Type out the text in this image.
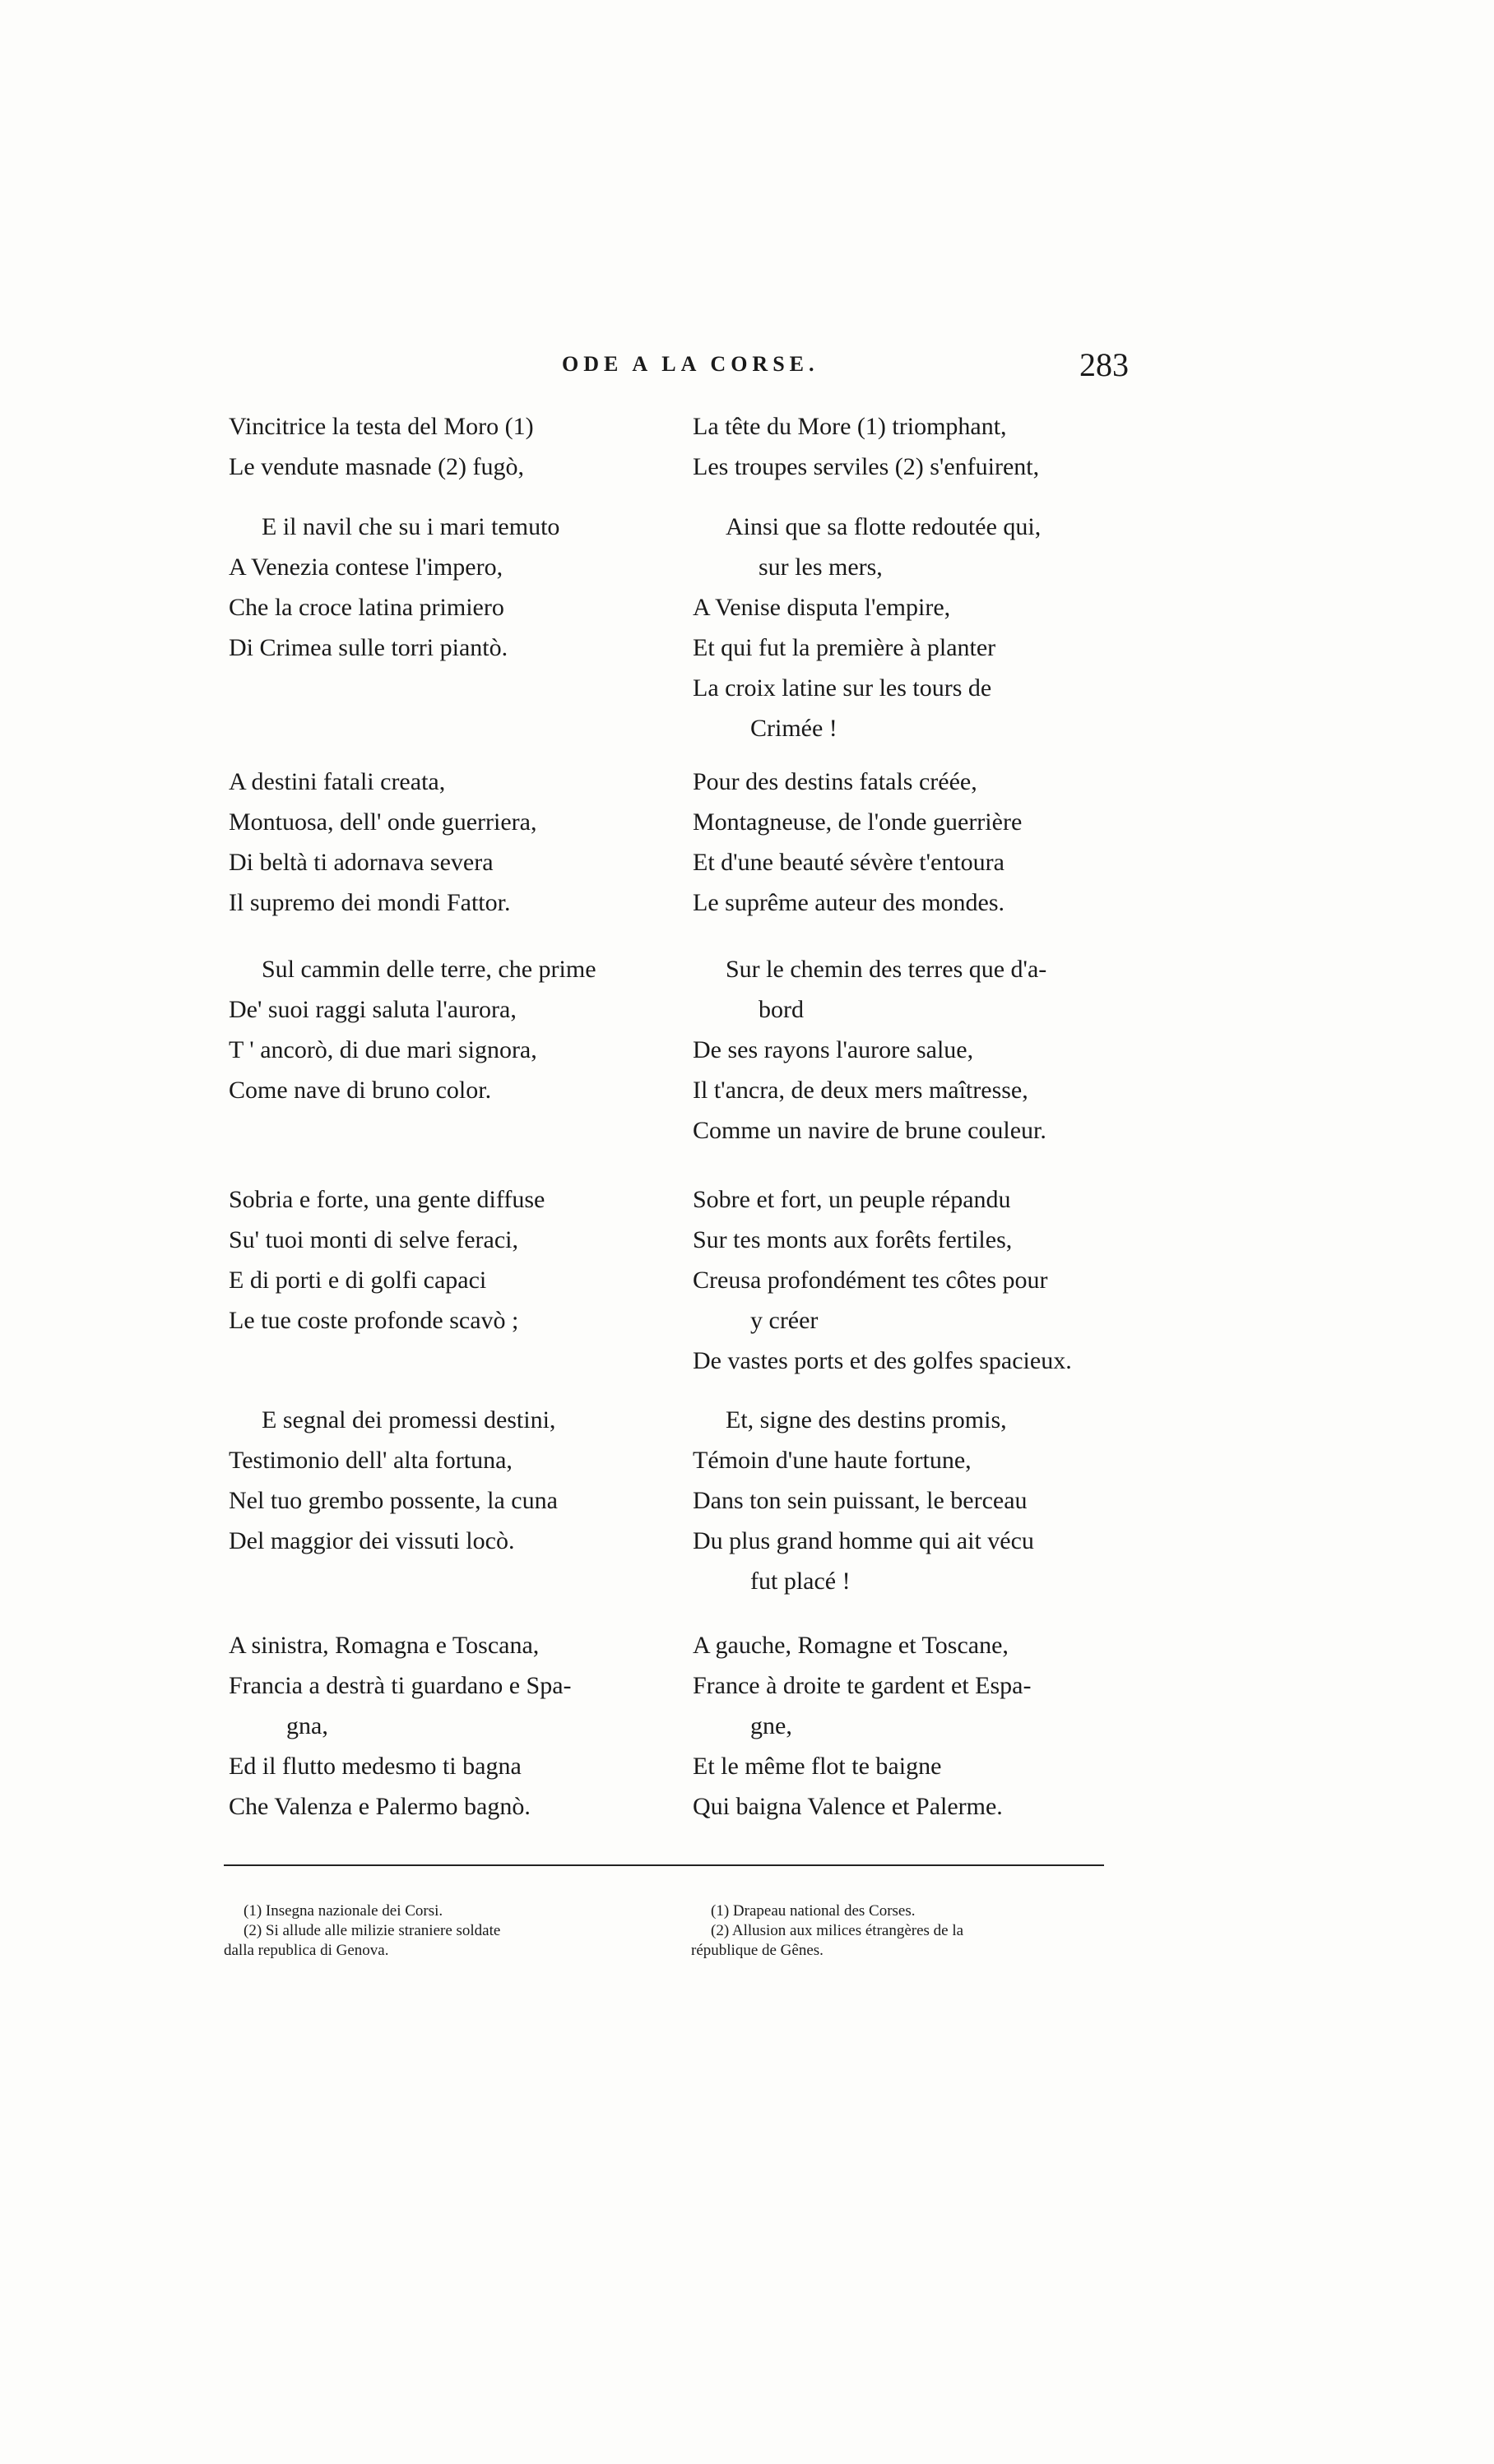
ODE A LA CORSE.	283
Vincitrice la testa del Moro (1)
Le vendute masnade (2) fugò,
E il navil che su i mari temuto
A Venezia contese l'impero,
Che la croce latina primiero
Di Crimea sulle torri piantò.
A destini fatali creata,
Montuosa, dell' onde guerriera,
Di beltà ti adornava severa
Il supremo dei mondi Fattor.
Sul cammin delle terre, che prime
De' suoi raggi saluta l'aurora,
T ' ancorò, di due mari signora,
Come nave di bruno color.
Sobria e forte, una gente diffuse
Su' tuoi monti di selve feraci,
E di porti e di golfi capaci
Le tue coste profonde scavò ;
E segnal dei promessi destini,
Testimonio dell' alta fortuna,
Nel tuo grembo possente, la cuna
Del maggior dei vissuti locò.
A sinistra, Romagna e Toscana,
Francia a destrà ti guardano e Spa-
gna,
Ed il flutto medesmo ti bagna
Che Valenza e Palermo bagnò.
La tête du More (1) triomphant,
Les troupes serviles (2) s'enfuirent,
Ainsi que sa flotte redoutée qui,
sur les mers,
A Venise disputa l'empire,
Et qui fut la première à planter
La croix latine sur les tours de
Crimée !
Pour des destins fatals créée,
Montagneuse, de l'onde guerrière
Et d'une beauté sévère t'entoura
Le suprême auteur des mondes.
Sur le chemin des terres que d'a-
bord
De ses rayons l'aurore salue,
Il t'ancra, de deux mers maîtresse,
Comme un navire de brune couleur.
Sobre et fort, un peuple répandu
Sur tes monts aux forêts fertiles,
Creusa profondément tes côtes pour
y créer
De vastes ports et des golfes spacieux.
Et, signe des destins promis,
Témoin d'une haute fortune,
Dans ton sein puissant, le berceau
Du plus grand homme qui ait vécu
fut placé !
A gauche, Romagne et Toscane,
France à droite te gardent et Espa-
gne,
Et le même flot te baigne
Qui baigna Valence et Palerme.
(1) Insegna nazionale dei Corsi.
(2) Si allude alle milizie straniere soldate
dalla republica di Genova.
(1) Drapeau national des Corses.
(2) Allusion aux milices étrangères de la
république de Gênes.
